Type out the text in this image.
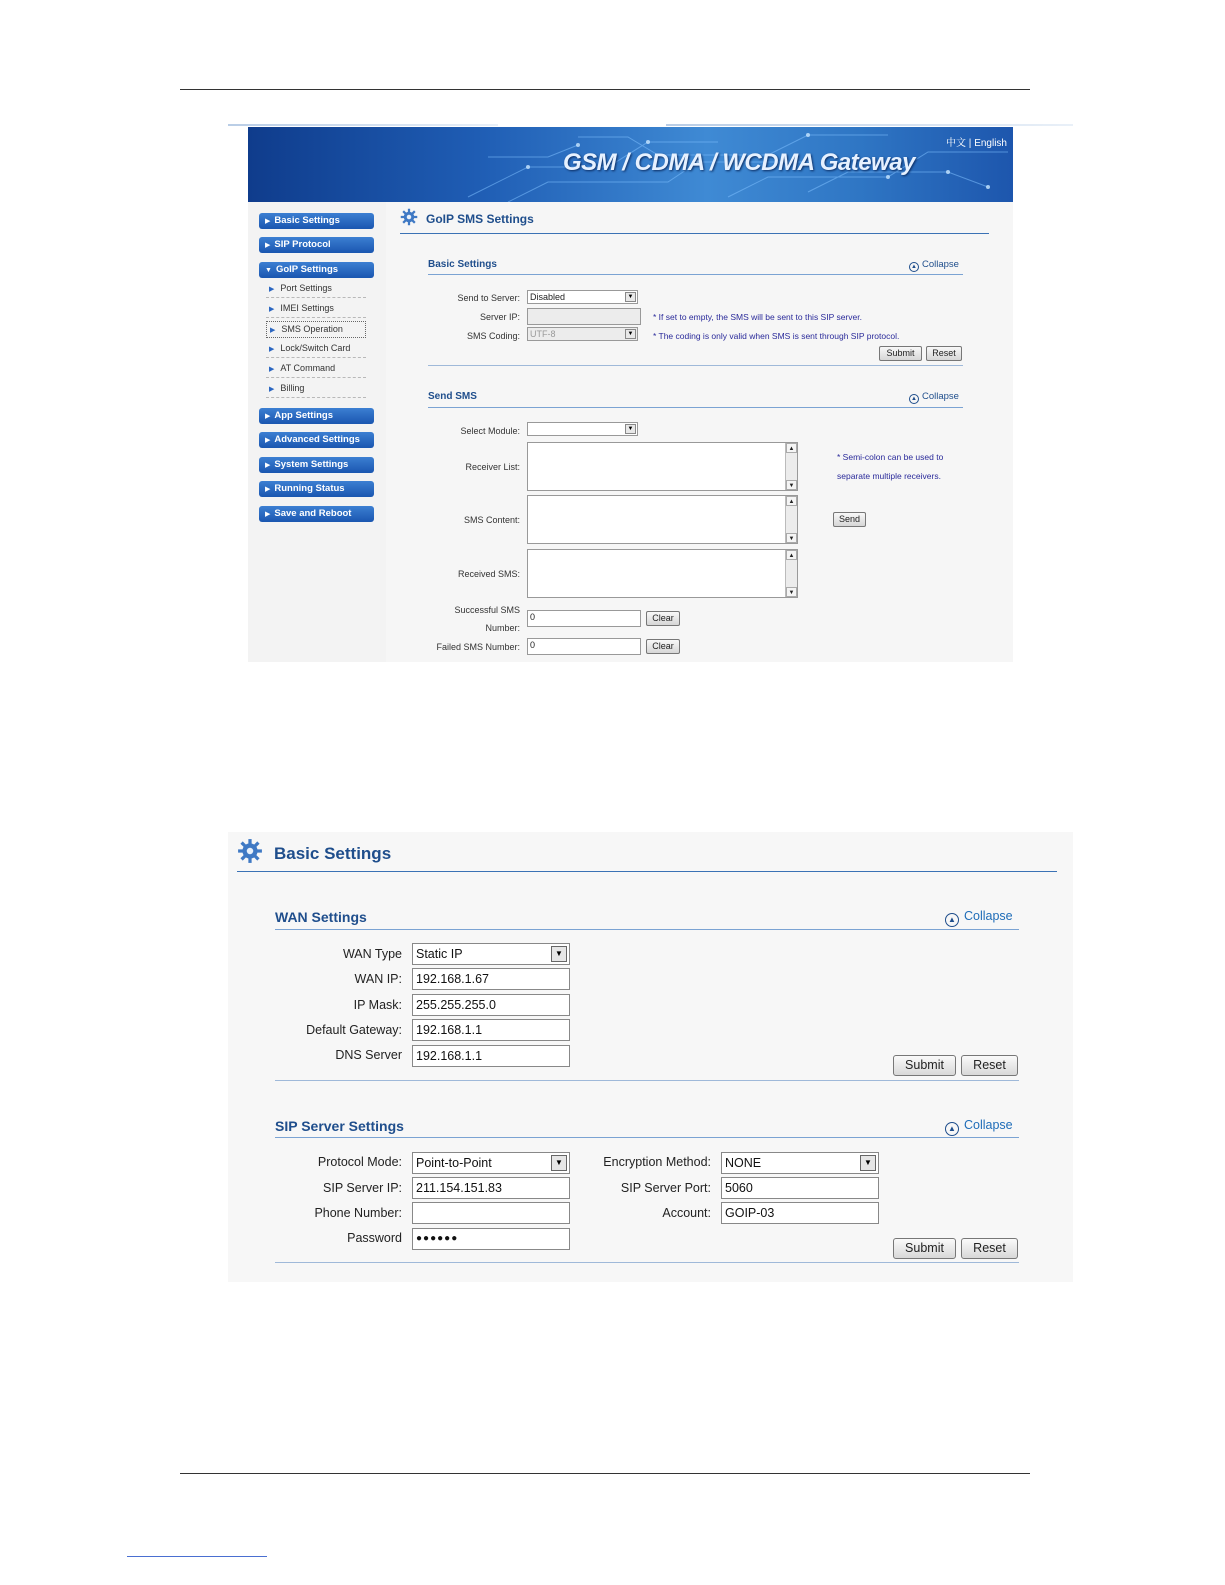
GSM / CDMA / WCDMA Gateway
中文 | English
▶ Basic Settings
▶ SIP Protocol
▼ GoIP Settings
▶ Port Settings
▶ IMEI Settings
▶ SMS Operation
▶ Lock/Switch Card
▶ AT Command
▶ Billing
▶ App Settings
▶ Advanced Settings
▶ System Settings
▶ Running Status
▶ Save and Reboot
GoIP SMS Settings
Basic Settings	▲ Collapse
Send to Server:	Disabled	▼
Server IP:	* If set to empty, the SMS will be sent to this SIP server.
SMS Coding:	UTF-8	▼ * The coding is only valid when SMS is sent through SIP protocol.
Submit	Reset
Send SMS	▲ Collapse
Select Module:	▼
Receiver List:
▲
▼
* Semi-colon can be used to
separate multiple receivers.
SMS Content:
▲
▼
Send
Received SMS:
▲
▼
Successful SMS
Number:
0	Clear
Failed SMS Number:	0	Clear
Basic Settings
WAN Settings	▲ Collapse
WAN Type	Static IP	▼
WAN IP:	192.168.1.67
IP Mask:	255.255.255.0
Default Gateway:	192.168.1.1
DNS Server	192.168.1.1
Submit	Reset
SIP Server Settings	▲ Collapse
Protocol Mode:	Point-to-Point	▼
SIP Server IP:	211.154.151.83
Phone Number:
Password	●●●●●●
Encryption Method:	NONE	▼
SIP Server Port:	5060
Account:	GOIP-03
Submit	Reset
